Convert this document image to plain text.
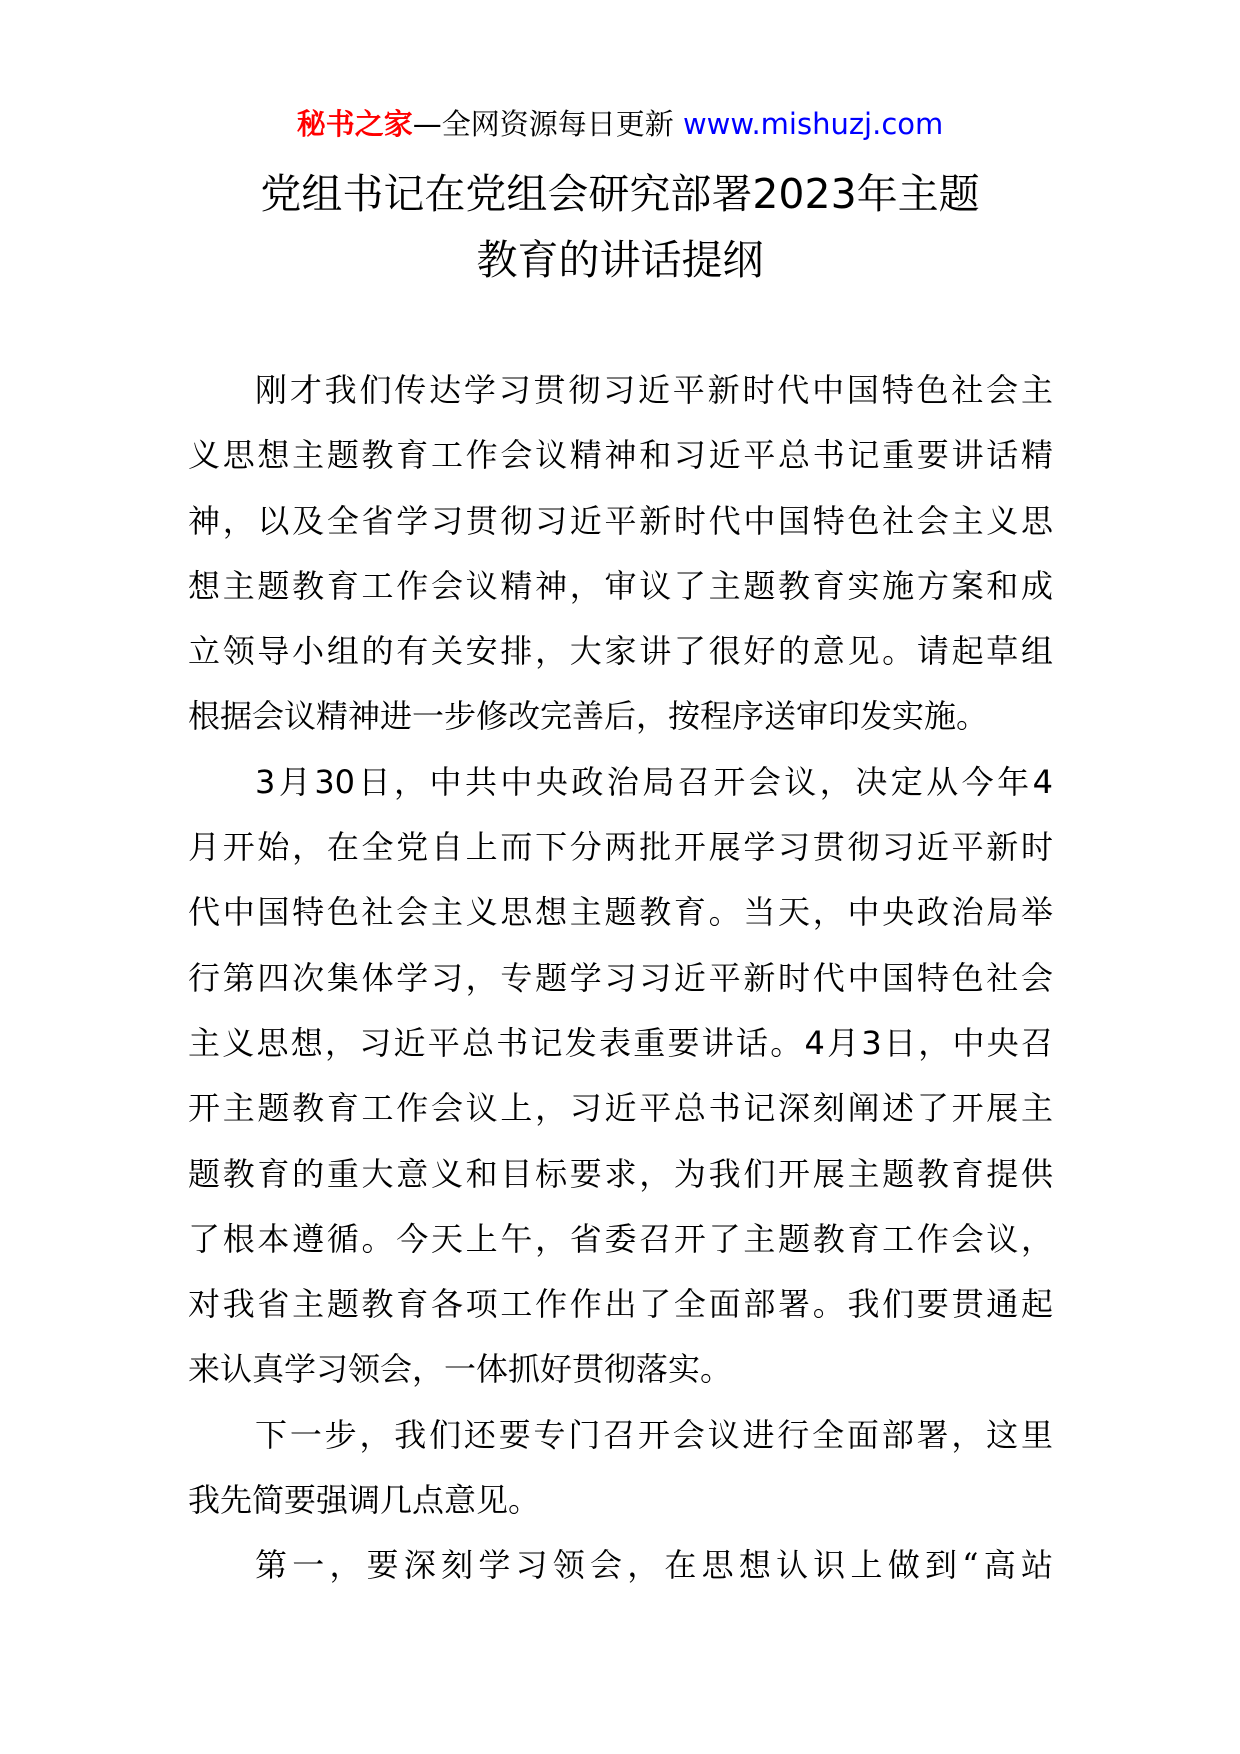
秘书之家—全网资源每日更新 www.mishuzj.com
党组书记在党组会研究部署2023年主题
教育的讲话提纲
刚才我们传达学习贯彻习近平新时代中国特色社会主
义思想主题教育工作会议精神和习近平总书记重要讲话精
神，以及全省学习贯彻习近平新时代中国特色社会主义思
想主题教育工作会议精神，审议了主题教育实施方案和成
立领导小组的有关安排，大家讲了很好的意见。请起草组
根据会议精神进一步修改完善后，按程序送审印发实施。
3月30日，中共中央政治局召开会议，决定从今年4
月开始，在全党自上而下分两批开展学习贯彻习近平新时
代中国特色社会主义思想主题教育。当天，中央政治局举
行第四次集体学习，专题学习习近平新时代中国特色社会
主义思想，习近平总书记发表重要讲话。4月3日，中央召
开主题教育工作会议上，习近平总书记深刻阐述了开展主
题教育的重大意义和目标要求，为我们开展主题教育提供
了根本遵循。今天上午，省委召开了主题教育工作会议，
对我省主题教育各项工作作出了全面部署。我们要贯通起
来认真学习领会，一体抓好贯彻落实。
下一步，我们还要专门召开会议进行全面部署，这里
我先简要强调几点意见。
第一，要深刻学习领会，在思想认识上做到“高站
